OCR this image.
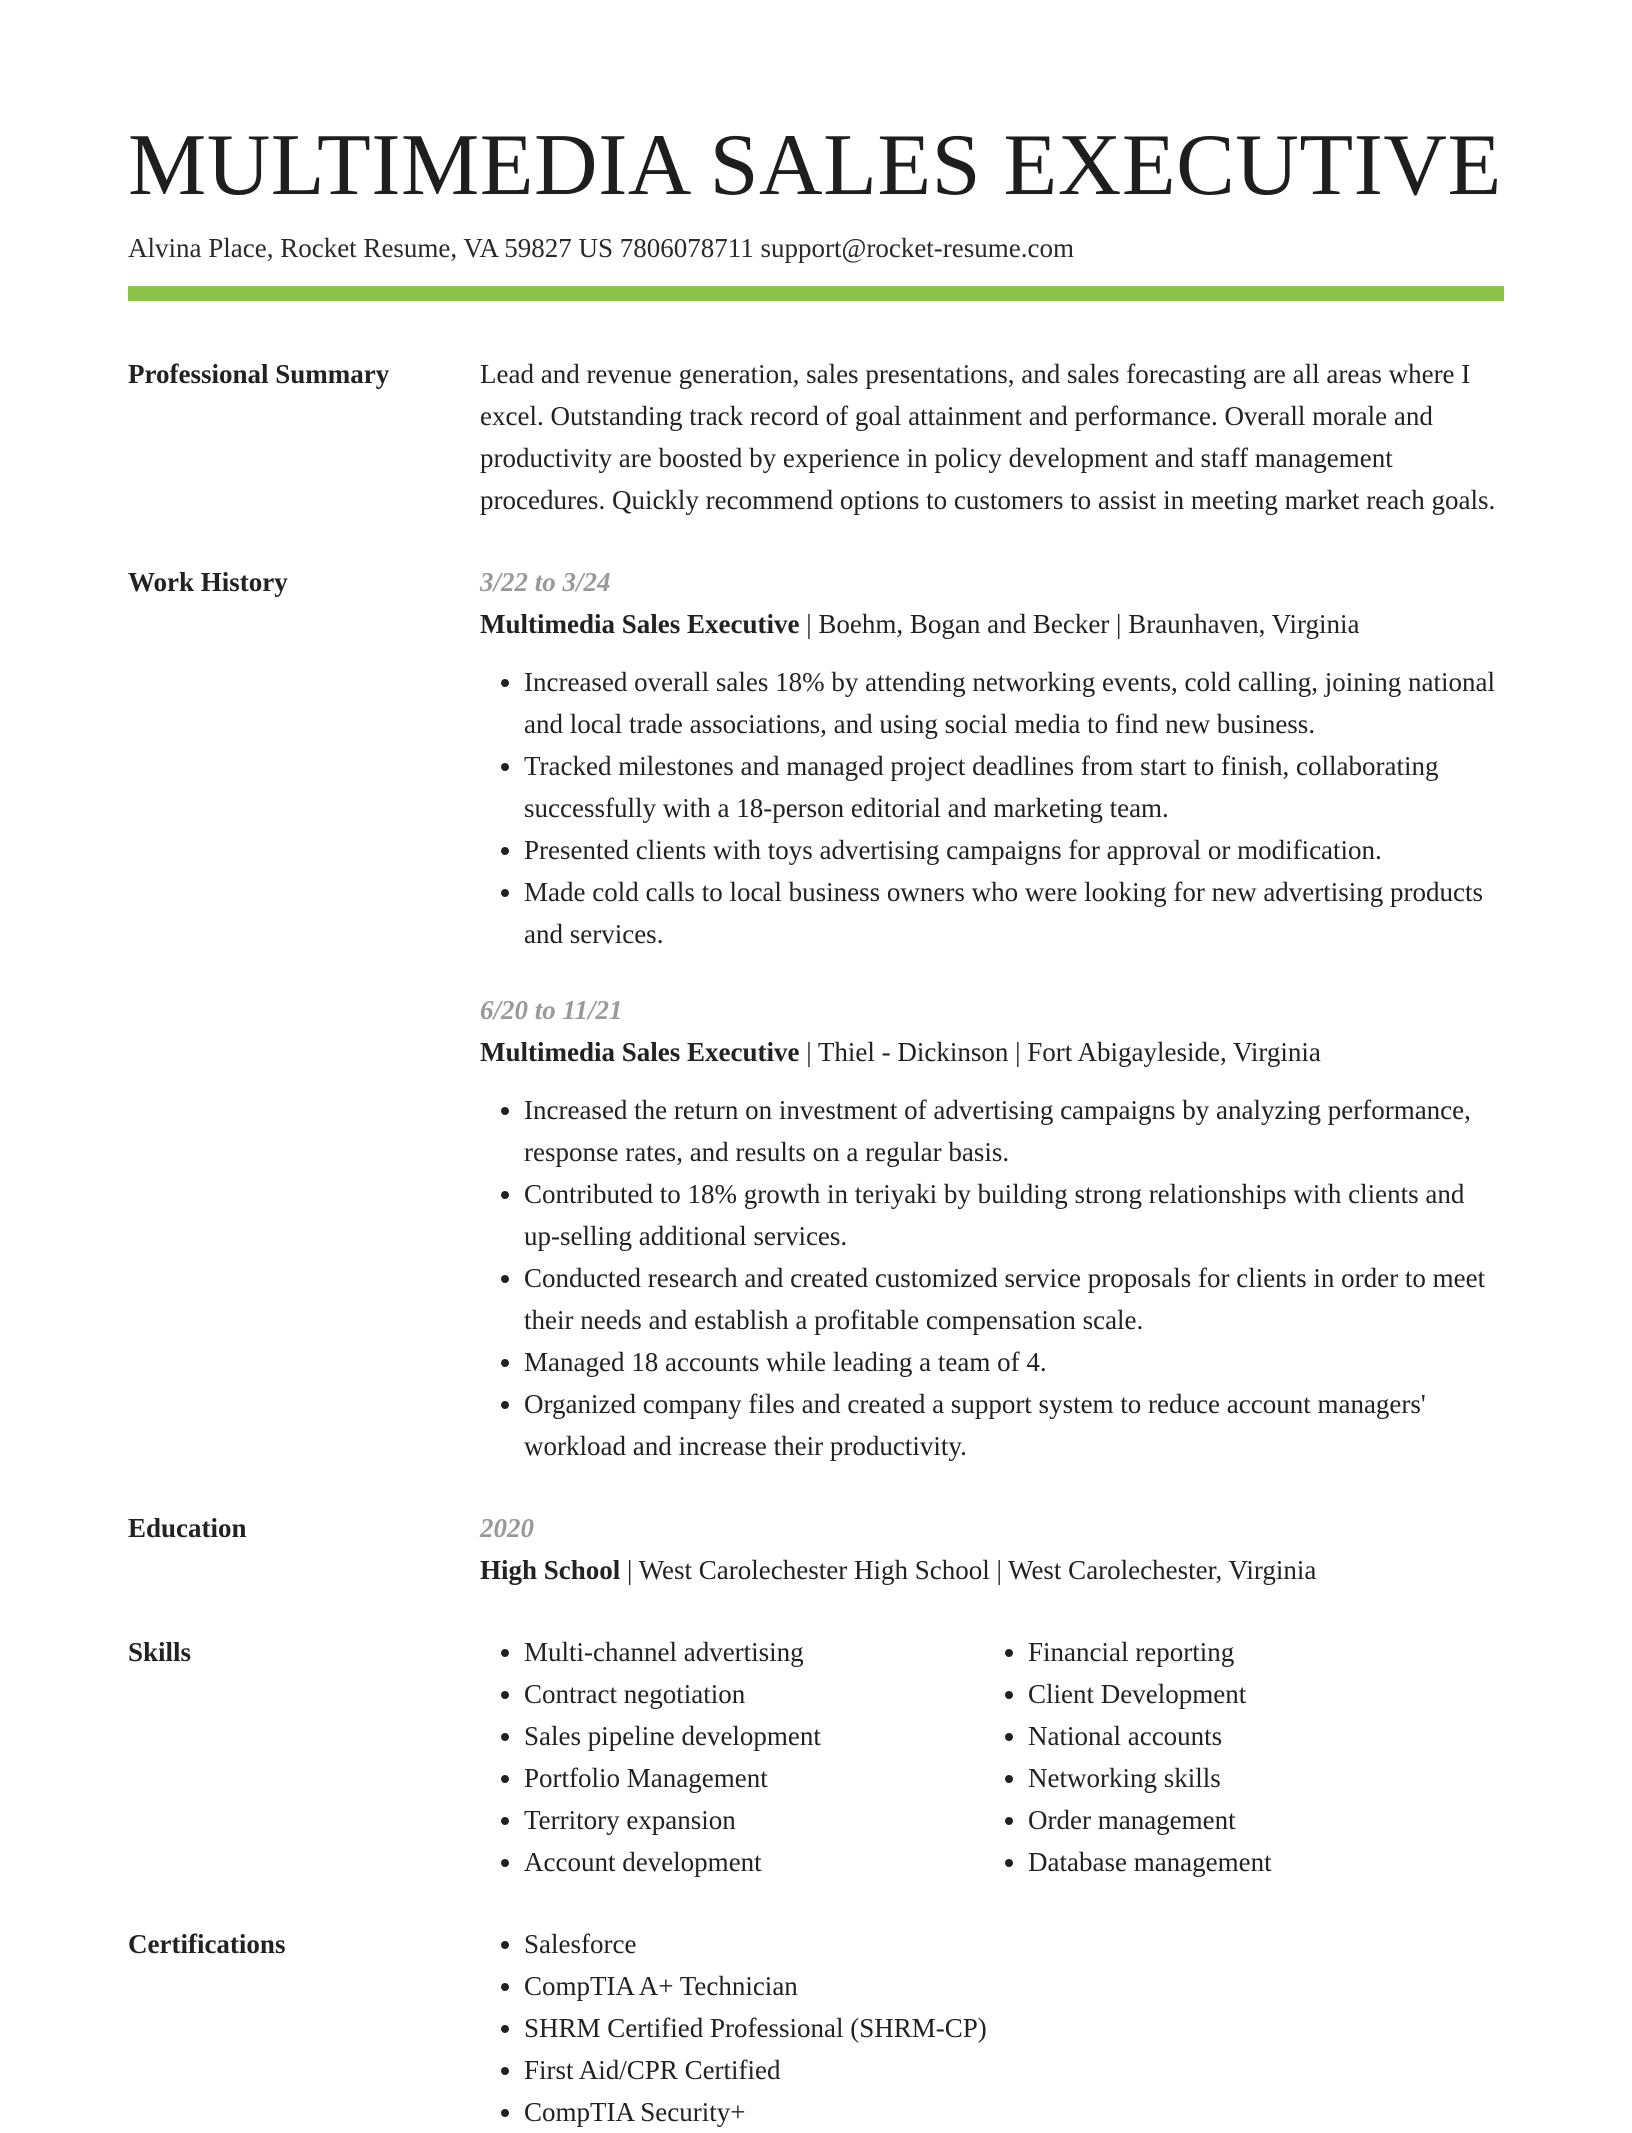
MULTIMEDIA SALES EXECUTIVE
Alvina Place, Rocket Resume, VA 59827 US 7806078711 support@rocket-resume.com
Professional Summary	Lead and revenue generation, sales presentations, and sales forecasting are all areas where I excel. Outstanding track record of goal attainment and performance. Overall morale and productivity are boosted by experience in policy development and staff management procedures. Quickly recommend options to customers to assist in meeting market reach goals.

Work History	3/22 to 3/24
Multimedia Sales Executive | Boehm, Bogan and Becker | Braunhaven, Virginia
• Increased overall sales 18% by attending networking events, cold calling, joining national and local trade associations, and using social media to find new business.
• Tracked milestones and managed project deadlines from start to finish, collaborating successfully with a 18-person editorial and marketing team.
• Presented clients with toys advertising campaigns for approval or modification.
• Made cold calls to local business owners who were looking for new advertising products and services.
6/20 to 11/21
Multimedia Sales Executive | Thiel - Dickinson | Fort Abigayleside, Virginia
• Increased the return on investment of advertising campaigns by analyzing performance, response rates, and results on a regular basis.
• Contributed to 18% growth in teriyaki by building strong relationships with clients and up-selling additional services.
• Conducted research and created customized service proposals for clients in order to meet their needs and establish a profitable compensation scale.
• Managed 18 accounts while leading a team of 4.
• Organized company files and created a support system to reduce account managers' workload and increase their productivity.
Education	2020
High School | West Carolechester High School | West Carolechester, Virginia
Skills	• Multi-channel advertising
• Contract negotiation
• Sales pipeline development
• Portfolio Management
• Territory expansion
• Account development
• Financial reporting
• Client Development
• National accounts
• Networking skills
• Order management
• Database management
Certifications	• Salesforce
• CompTIA A+ Technician
• SHRM Certified Professional (SHRM-CP)
• First Aid/CPR Certified
• CompTIA Security+
